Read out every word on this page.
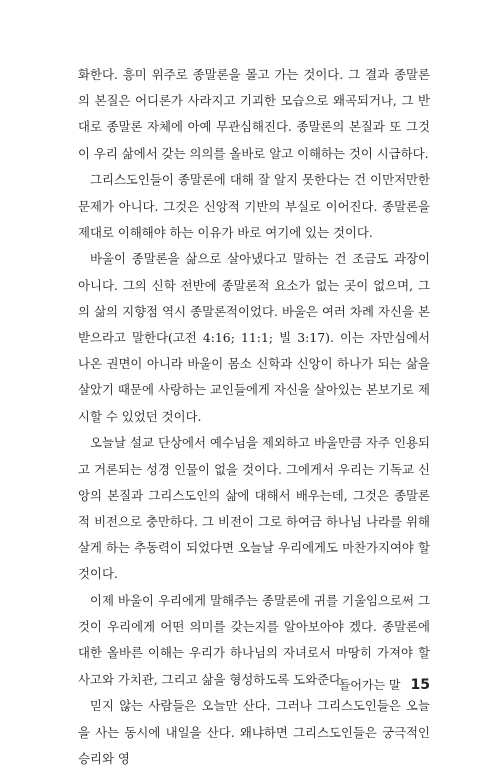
화한다. 흥미 위주로 종말론을 몰고 가는 것이다. 그 결과 종말론의 본질은 어디론가 사라지고 기괴한 모습으로 왜곡되거나, 그 반대로 종말론 자체에 아예 무관심해진다. 종말론의 본질과 또 그것이 우리 삶에서 갖는 의의를 올바로 알고 이해하는 것이 시급하다.

그리스도인들이 종말론에 대해 잘 알지 못한다는 건 이만저만한 문제가 아니다. 그것은 신앙적 기반의 부실로 이어진다. 종말론을 제대로 이해해야 하는 이유가 바로 여기에 있는 것이다.

바울이 종말론을 삶으로 살아냈다고 말하는 건 조금도 과장이 아니다. 그의 신학 전반에 종말론적 요소가 없는 곳이 없으며, 그의 삶의 지향점 역시 종말론적이었다. 바울은 여러 차례 자신을 본받으라고 말한다(고전 4:16; 11:1; 빌 3:17). 이는 자만심에서 나온 권면이 아니라 바울이 몸소 신학과 신앙이 하나가 되는 삶을 살았기 때문에 사랑하는 교인들에게 자신을 살아있는 본보기로 제시할 수 있었던 것이다.

오늘날 설교 단상에서 예수님을 제외하고 바울만큼 자주 인용되고 거론되는 성경 인물이 없을 것이다. 그에게서 우리는 기독교 신앙의 본질과 그리스도인의 삶에 대해서 배우는데, 그것은 종말론적 비전으로 충만하다. 그 비전이 그로 하여금 하나님 나라를 위해 살게 하는 추동력이 되었다면 오늘날 우리에게도 마찬가지여야 할 것이다.

이제 바울이 우리에게 말해주는 종말론에 귀를 기울임으로써 그것이 우리에게 어떤 의미를 갖는지를 알아보아야 겠다. 종말론에 대한 올바른 이해는 우리가 하나님의 자녀로서 마땅히 가져야 할 사고와 가치관, 그리고 삶을 형성하도록 도와준다.

믿지 않는 사람들은 오늘만 산다. 그러나 그리스도인들은 오늘을 사는 동시에 내일을 산다. 왜냐하면 그리스도인들은 궁극적인 승리와 영

들어가는 말 15
